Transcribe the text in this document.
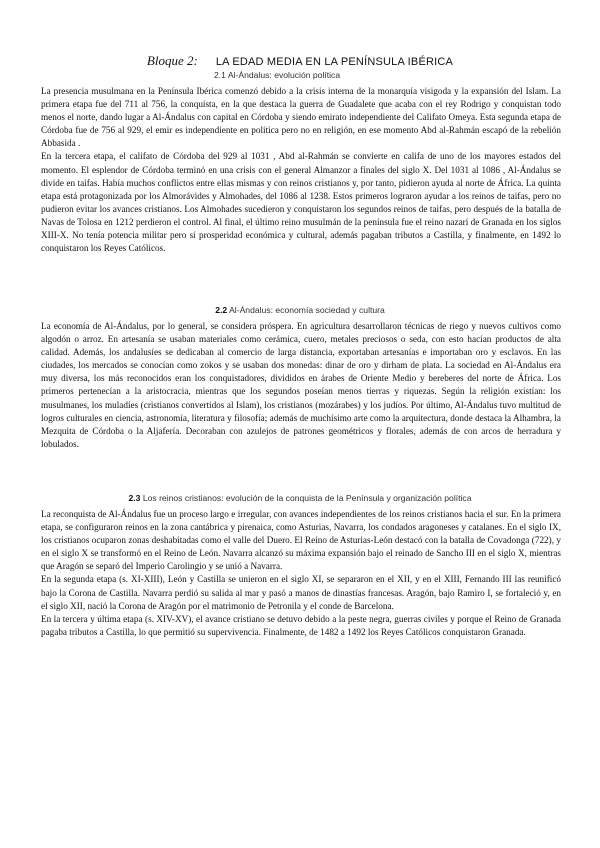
Bloque 2: LA EDAD MEDIA EN LA PENÍNSULA IBÉRICA
2.1 Al-Ándalus: evolución política

La presencia musulmana en la Península Ibérica comenzó debido a la crisis interna de la monarquía visigoda y la expansión del Islam. La primera etapa fue del 711 al 756, la conquista, en la que destaca la guerra de Guadalete que acaba con el rey Rodrigo y conquistan todo menos el norte, dando lugar a Al-Ándalus con capital en Córdoba y siendo emirato independiente del Califato Omeya. Esta segunda etapa de Córdoba fue de 756 al 929, el emir es independiente en política pero no en religión, en ese momento Abd al-Rahmán escapó de la rebelión Abbasida .

En la tercera etapa, el califato de Córdoba del 929 al 1031 , Abd al-Rahmán se convierte en califa de uno de los mayores estados del momento. El esplendor de Córdoba terminó en una crisis con el general Almanzor a finales del siglo X. Del 1031 al 1086 , Al-Ándalus se divide en taifas. Había muchos conflictos entre ellas mismas y con reinos cristianos y, por tanto, pidieron ayuda al norte de África. La quinta etapa está protagonizada por los Almorávides y Almohades, del 1086 al 1238. Estos primeros lograron ayudar a los reinos de taifas, pero no pudieron evitar los avances cristianos. Los Almohades sucedieron y conquistaron los segundos reinos de taifas, pero después de la batalla de Navas de Tolosa en 1212 perdieron el control. Al final, el último reino musulmán de la península fue el reino nazarí de Granada en los siglos XIII-X. No tenía potencia militar pero sí prosperidad económica y cultural, además pagaban tributos a Castilla, y finalmente, en 1492 lo conquistaron los Reyes Católicos.

2.2 Al-Ándalus: economía sociedad y cultura

La economía de Al-Ándalus, por lo general, se considera próspera. En agricultura desarrollaron técnicas de riego y nuevos cultivos como algodón o arroz. En artesanía se usaban materiales como cerámica, cuero, metales preciosos o seda, con esto hacían productos de alta calidad. Además, los andalusíes se dedicaban al comercio de larga distancia, exportaban artesanías e importaban oro y esclavos. En las ciudades, los mercados se conocían como zokos y se usaban dos monedas: dinar de oro y dirham de plata. La sociedad en Al-Ándalus era muy diversa, los más reconocidos eran los conquistadores, divididos en árabes de Oriente Medio y bereberes del norte de África. Los primeros pertenecían a la aristocracia, mientras que los segundos poseían menos tierras y riquezas. Según la religión existían: los musulmanes, los muladíes (cristianos convertidos al Islam), los cristianos (mozárabes) y los judíos. Por último, Al-Ándalus tuvo multitud de logros culturales en ciencia, astronomía, literatura y filosofía; además de muchísimo arte como la arquitectura, donde destaca la Alhambra, la Mezquita de Córdoba o la Aljafería. Decoraban con azulejos de patrones geométricos y florales, además de con arcos de herradura y lobulados.

2.3 Los reinos cristianos: evolución de la conquista de la Península y organización política

La reconquista de Al-Ándalus fue un proceso largo e irregular, con avances independientes de los reinos cristianos hacia el sur. En la primera etapa, se configuraron reinos en la zona cantábrica y pirenaica, como Asturias, Navarra, los condados aragoneses y catalanes. En el siglo IX, los cristianos ocuparon zonas deshabitadas como el valle del Duero. El Reino de Asturias-León destacó con la batalla de Covadonga (722), y en el siglo X se transformó en el Reino de León. Navarra alcanzó su máxima expansión bajo el reinado de Sancho III en el siglo X, mientras que Aragón se separó del Imperio Carolingio y se unió a Navarra.

En la segunda etapa (s. XI-XIII), León y Castilla se unieron en el siglo XI, se separaron en el XII, y en el XIII, Fernando III las reunificó bajo la Corona de Castilla. Navarra perdió su salida al mar y pasó a manos de dinastías francesas. Aragón, bajo Ramiro I, se fortaleció y, en el siglo XII, nació la Corona de Aragón por el matrimonio de Petronila y el conde de Barcelona.

En la tercera y última etapa (s. XIV-XV), el avance cristiano se detuvo debido a la peste negra, guerras civiles y porque el Reino de Granada pagaba tributos a Castilla, lo que permitió su supervivencia. Finalmente, de 1482 a 1492 los Reyes Católicos conquistaron Granada.
